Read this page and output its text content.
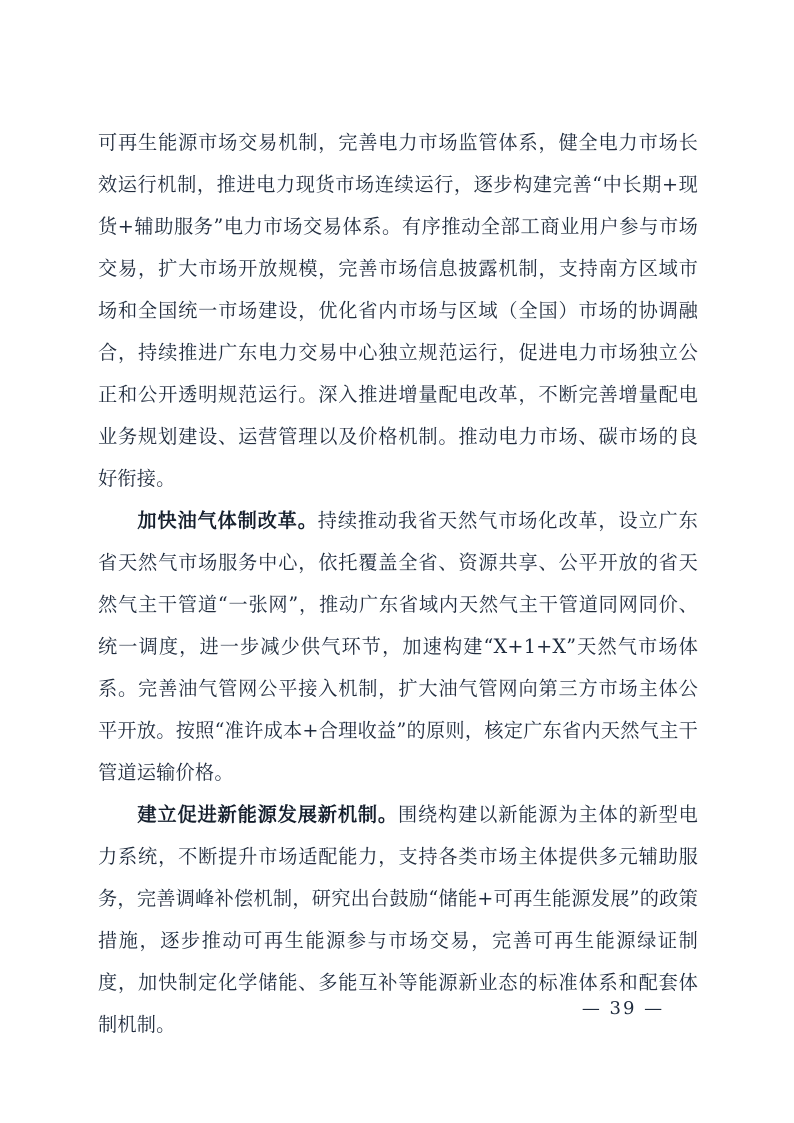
可再生能源市场交易机制，完善电力市场监管体系，健全电力市场长效运行机制，推进电力现货市场连续运行，逐步构建完善“中长期+现货+辅助服务”电力市场交易体系。有序推动全部工商业用户参与市场交易，扩大市场开放规模，完善市场信息披露机制，支持南方区域市场和全国统一市场建设，优化省内市场与区域（全国）市场的协调融合，持续推进广东电力交易中心独立规范运行，促进电力市场独立公正和公开透明规范运行。深入推进增量配电改革，不断完善增量配电业务规划建设、运营管理以及价格机制。推动电力市场、碳市场的良好衔接。

加快油气体制改革。持续推动我省天然气市场化改革，设立广东省天然气市场服务中心，依托覆盖全省、资源共享、公平开放的省天然气主干管道“一张网”，推动广东省域内天然气主干管道同网同价、统一调度，进一步减少供气环节，加速构建“X+1+X”天然气市场体系。完善油气管网公平接入机制，扩大油气管网向第三方市场主体公平开放。按照“准许成本+合理收益”的原则，核定广东省内天然气主干管道运输价格。

建立促进新能源发展新机制。围绕构建以新能源为主体的新型电力系统，不断提升市场适配能力，支持各类市场主体提供多元辅助服务，完善调峰补偿机制，研究出台鼓励“储能+可再生能源发展”的政策措施，逐步推动可再生能源参与市场交易，完善可再生能源绿证制度，加快制定化学储能、多能互补等能源新业态的标准体系和配套体制机制。

— 39 —
